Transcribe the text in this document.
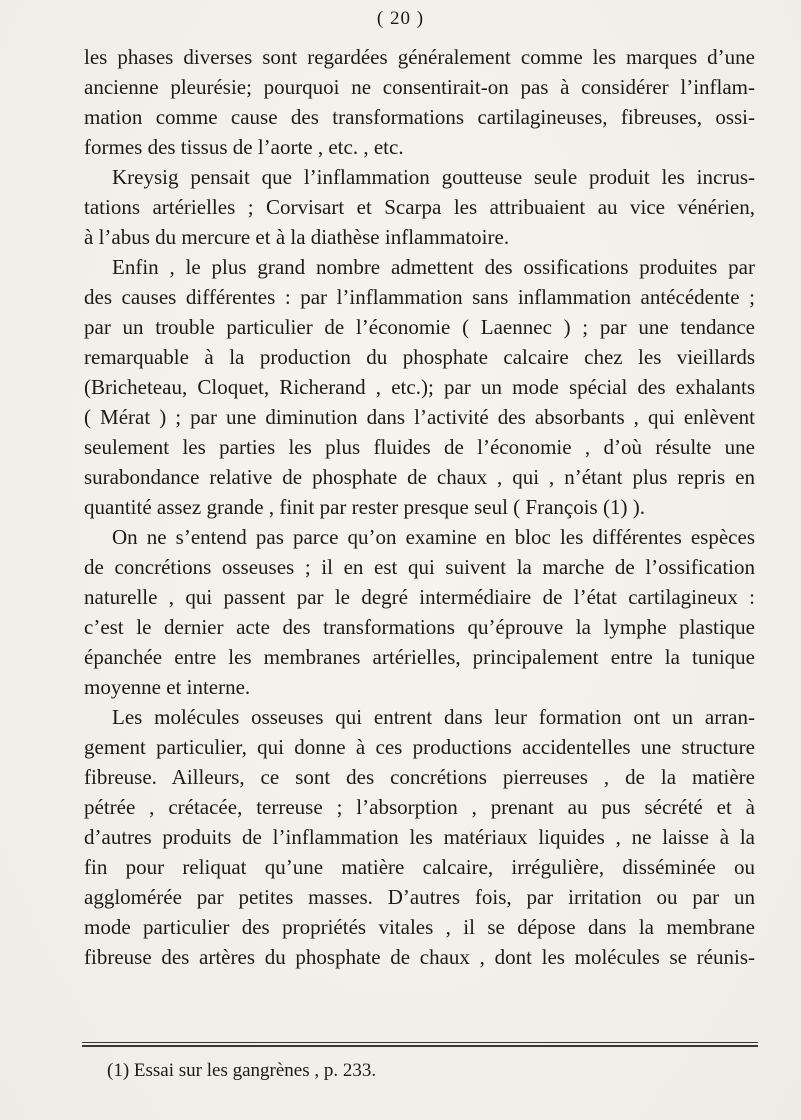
( 20 )
les phases diverses sont regardées généralement comme les marques d’une
ancienne pleurésie; pourquoi ne consentirait-on pas à considérer l’inflam-
mation comme cause des transformations cartilagineuses, fibreuses, ossi-
formes des tissus de l’aorte , etc. , etc.
Kreysig pensait que l’inflammation goutteuse seule produit les incrus-
tations artérielles ; Corvisart et Scarpa les attribuaient au vice vénérien,
à l’abus du mercure et à la diathèse inflammatoire.
Enfin , le plus grand nombre admettent des ossifications produites par
des causes différentes : par l’inflammation sans inflammation antécédente ;
par un trouble particulier de l’économie ( Laennec ) ; par une tendance
remarquable à la production du phosphate calcaire chez les vieillards
(Bricheteau, Cloquet, Richerand , etc.); par un mode spécial des exhalants
( Mérat ) ; par une diminution dans l’activité des absorbants , qui enlèvent
seulement les parties les plus fluides de l’économie , d’où résulte une
surabondance relative de phosphate de chaux , qui , n’étant plus repris en
quantité assez grande , finit par rester presque seul ( François (1) ).
On ne s’entend pas parce qu’on examine en bloc les différentes espèces
de concrétions osseuses ; il en est qui suivent la marche de l’ossification
naturelle , qui passent par le degré intermédiaire de l’état cartilagineux :
c’est le dernier acte des transformations qu’éprouve la lymphe plastique
épanchée entre les membranes artérielles, principalement entre la tunique
moyenne et interne.
Les molécules osseuses qui entrent dans leur formation ont un arran-
gement particulier, qui donne à ces productions accidentelles une structure
fibreuse. Ailleurs, ce sont des concrétions pierreuses , de la matière
pétrée , crétacée, terreuse ; l’absorption , prenant au pus sécrété et à
d’autres produits de l’inflammation les matériaux liquides , ne laisse à la
fin pour reliquat qu’une matière calcaire, irrégulière, disséminée ou
agglomérée par petites masses. D’autres fois, par irritation ou par un
mode particulier des propriétés vitales , il se dépose dans la membrane
fibreuse des artères du phosphate de chaux , dont les molécules se réunis-
(1) Essai sur les gangrènes , p. 233.
